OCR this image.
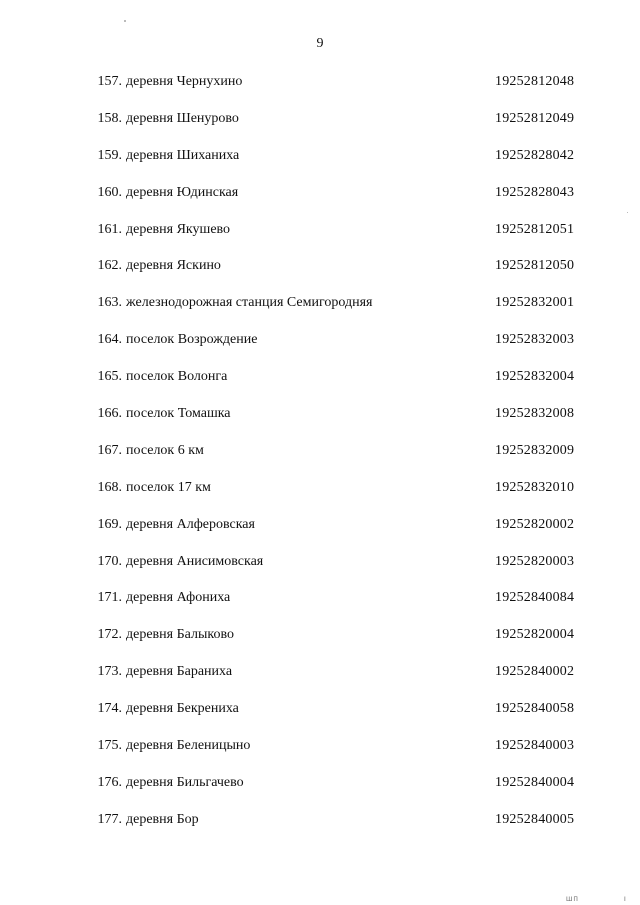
9
157. деревня Чернухино	19252812048
158. деревня Шенурово	19252812049
159. деревня Шиханиха	19252828042
160. деревня Юдинская	19252828043
161. деревня Якушево	19252812051
162. деревня Яскино	19252812050
163. железнодорожная станция Семигородняя	19252832001
164. поселок Возрождение	19252832003
165. поселок Волонга	19252832004
166. поселок Томашка	19252832008
167. поселок 6 км	19252832009
168. поселок 17 км	19252832010
169. деревня Алферовская	19252820002
170. деревня Анисимовская	19252820003
171. деревня Афониха	19252840084
172. деревня Балыково	19252820004
173. деревня Бараниха	19252840002
174. деревня Бекрениха	19252840058
175. деревня Беленицыно	19252840003
176. деревня Бильгачево	19252840004
177. деревня Бор	19252840005
ШП	I
